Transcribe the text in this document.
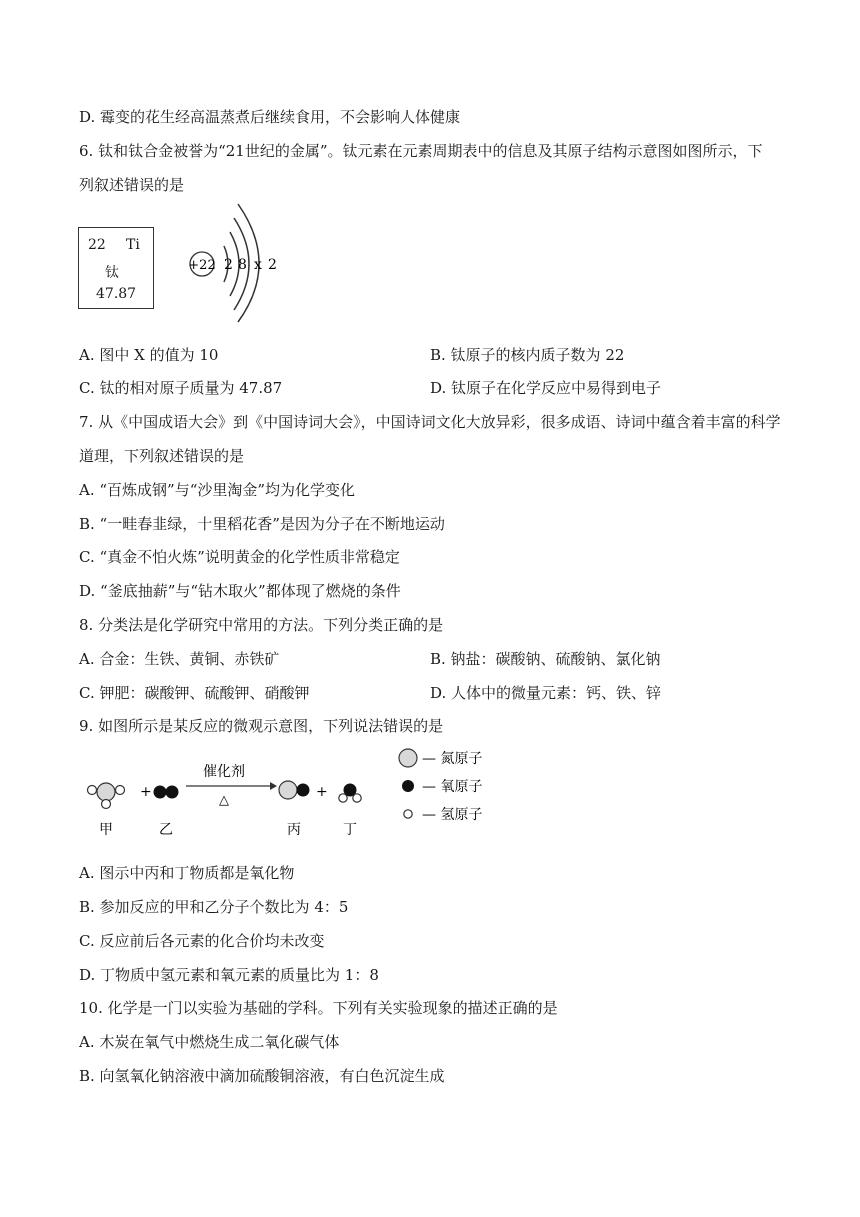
D. 霉变的花生经高温蒸煮后继续食用，不会影响人体健康
6. 钛和钛合金被誉为“21世纪的金属”。钛元素在元素周期表中的信息及其原子结构示意图如图所示，下
列叙述错误的是
22 Ti
钛
47.87
+22 2 8 x 2
A. 图中 X 的值为 10	B. 钛原子的核内质子数为 22
C. 钛的相对原子质量为 47.87	D. 钛原子在化学反应中易得到电子
7. 从《中国成语大会》到《中国诗词大会》，中国诗词文化大放异彩，很多成语、诗词中蕴含着丰富的科学
道理，下列叙述错误的是
A. “百炼成钢”与“沙里淘金”均为化学变化
B. “一畦春韭绿，十里稻花香”是因为分子在不断地运动
C. “真金不怕火炼”说明黄金的化学性质非常稳定
D. “釜底抽薪”与“钻木取火”都体现了燃烧的条件
8. 分类法是化学研究中常用的方法。下列分类正确的是
A. 合金：生铁、黄铜、赤铁矿	B. 钠盐：碳酸钠、硫酸钠、氯化钠
C. 钾肥：碳酸钾、硫酸钾、硝酸钾	D. 人体中的微量元素：钙、铁、锌
9. 如图所示是某反应的微观示意图，下列说法错误的是
+
催化剂
△
+
甲	乙	丙	丁
— 氮原子
— 氧原子
— 氢原子
A. 图示中丙和丁物质都是氧化物
B. 参加反应的甲和乙分子个数比为 4：5
C. 反应前后各元素的化合价均未改变
D. 丁物质中氢元素和氧元素的质量比为 1：8
10. 化学是一门以实验为基础的学科。下列有关实验现象的描述正确的是
A. 木炭在氧气中燃烧生成二氧化碳气体
B. 向氢氧化钠溶液中滴加硫酸铜溶液，有白色沉淀生成
